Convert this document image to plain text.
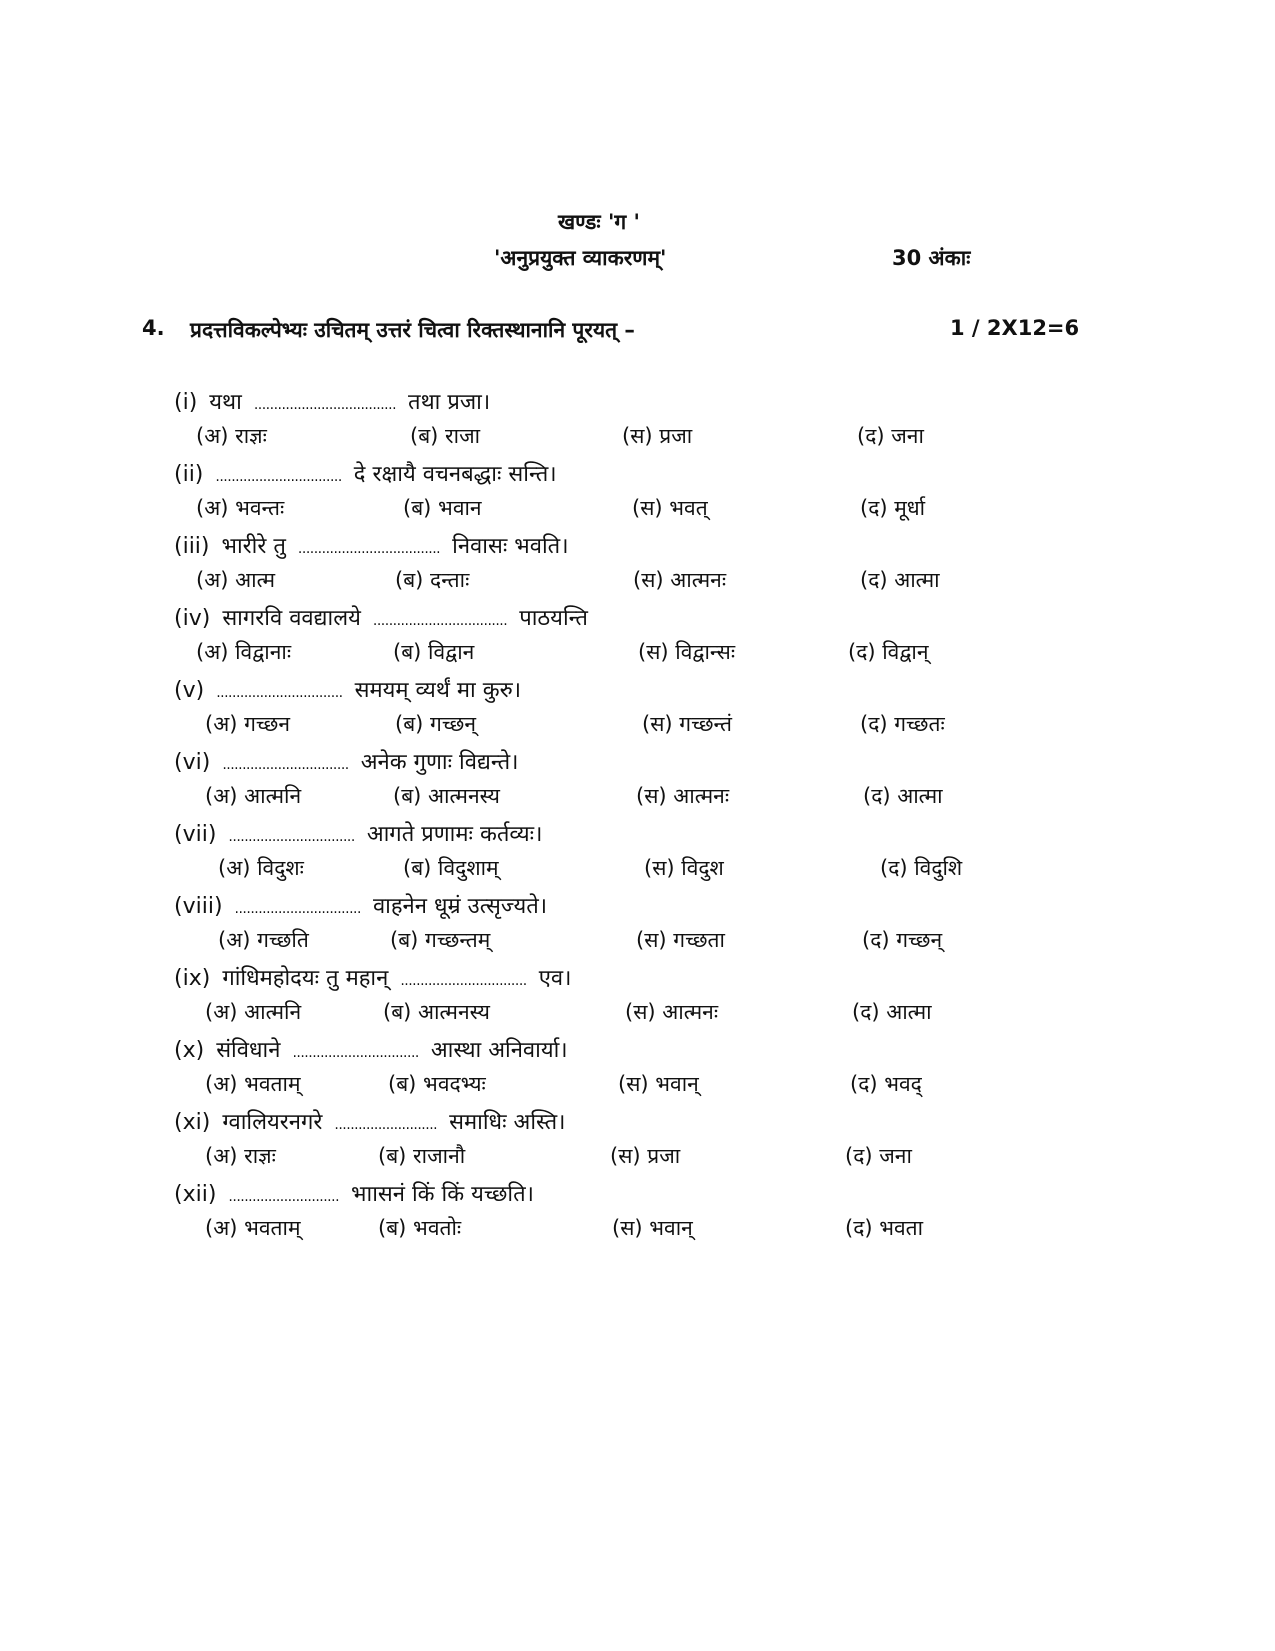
खण्डः 'ग '
'अनुप्रयुक्त व्याकरणम्'	30 अंकाः
4. प्रदत्तविकल्पेभ्यः उचितम् उत्तरं चित्वा रिक्तस्थानानि पूरयत् –	1 / 2X12=6
(i) यथा .................................... तथा प्रजा।
(अ) राज्ञः	(ब) राजा	(स) प्रजा	(द) जना
(ii) ................................ दे रक्षायै वचनबद्धाः सन्ति।
(अ) भवन्तः	(ब) भवान	(स) भवत्	(द) मूर्धा
(iii) भारीरे तु .................................... निवासः भवति।
(अ) आत्म	(ब) दन्ताः	(स) आत्मनः	(द) आत्मा
(iv) सागरवि ववद्यालये .................................. पाठयन्ति
(अ) विद्वानाः	(ब) विद्वान	(स) विद्वान्सः	(द) विद्वान्
(v) ................................ समयम् व्यर्थं मा कुरु।
(अ) गच्छन	(ब) गच्छन्	(स) गच्छन्तं	(द) गच्छतः
(vi) ................................ अनेक गुणाः विद्यन्ते।
(अ) आत्मनि	(ब) आत्मनस्य	(स) आत्मनः	(द) आत्मा
(vii) ................................ आगते प्रणामः कर्तव्यः।
(अ) विदुशः	(ब) विदुशाम्	(स) विदुश	(द) विदुशि
(viii) ................................ वाहनेन धूम्रं उत्सृज्यते।
(अ) गच्छति	(ब) गच्छन्तम्	(स) गच्छता	(द) गच्छन्
(ix) गांधिमहोदयः तु महान् ................................ एव।
(अ) आत्मनि	(ब) आत्मनस्य	(स) आत्मनः	(द) आत्मा
(x) संविधाने ................................ आस्था अनिवार्या।
(अ) भवताम्	(ब) भवदभ्यः	(स) भवान्	(द) भवद्
(xi) ग्वालियरनगरे .......................... समाधिः अस्ति।
(अ) राज्ञः	(ब) राजानौ	(स) प्रजा	(द) जना
(xii) ............................ भाासनं किं किं यच्छति।
(अ) भवताम्	(ब) भवतोः	(स) भवान्	(द) भवता
